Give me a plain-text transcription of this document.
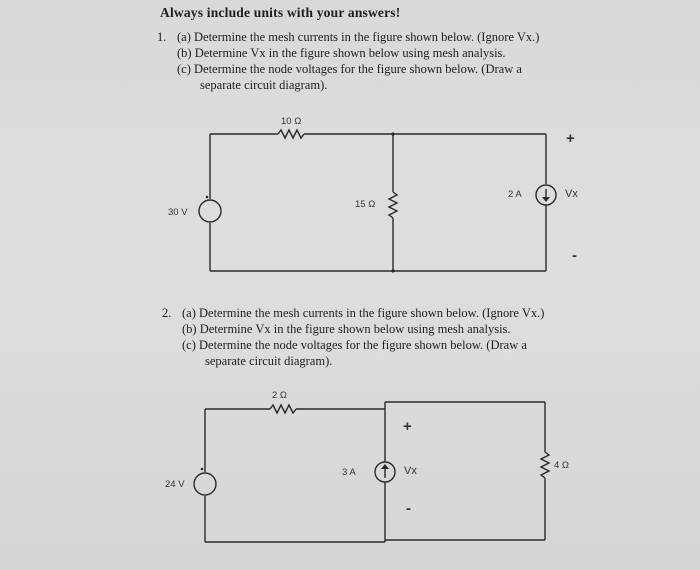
Always include units with your answers!
1. (a) Determine the mesh currents in the figure shown below. (Ignore Vx.)
(b) Determine Vx in the figure shown below using mesh analysis.
(c) Determine the node voltages for the figure shown below. (Draw a
separate circuit diagram).
10 Ω
15 Ω
30 V
2 A	Vx
+
-
2. (a) Determine the mesh currents in the figure shown below. (Ignore Vx.)
(b) Determine Vx in the figure shown below using mesh analysis.
(c) Determine the node voltages for the figure shown below. (Draw a
separate circuit diagram).
2 Ω
4 Ω
24 V
3 A	Vx
+
-
